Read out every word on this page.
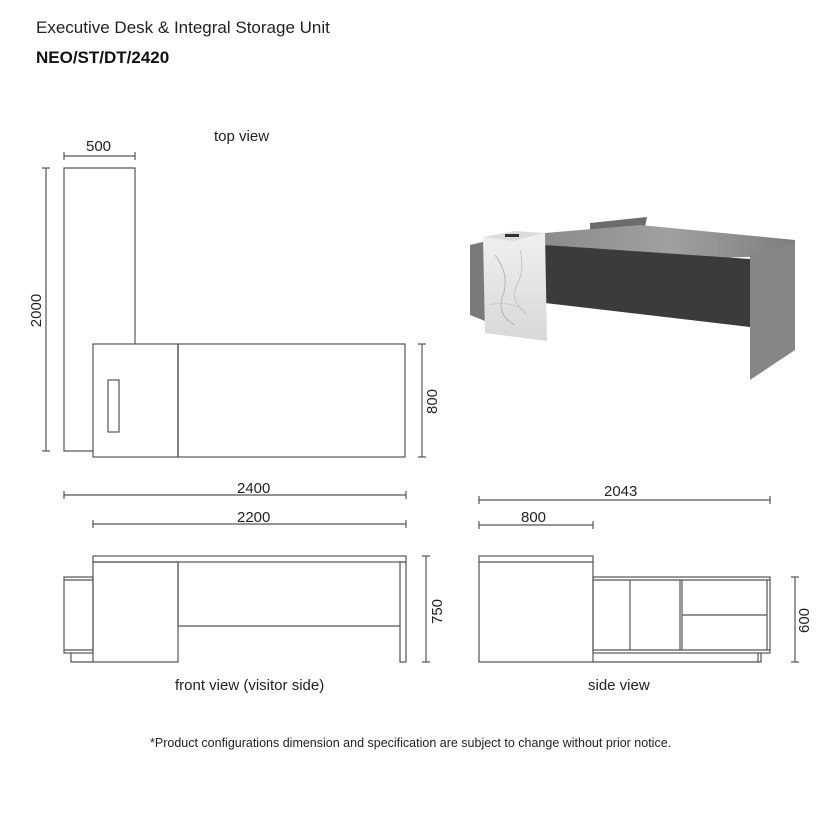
Executive Desk & Integral Storage Unit
NEO/ST/DT/2420
top view
front view (visitor side)	side view
500
2000
800
2400
2200
750
2043
800
600
*Product configurations dimension and specification are subject to change without prior notice.
